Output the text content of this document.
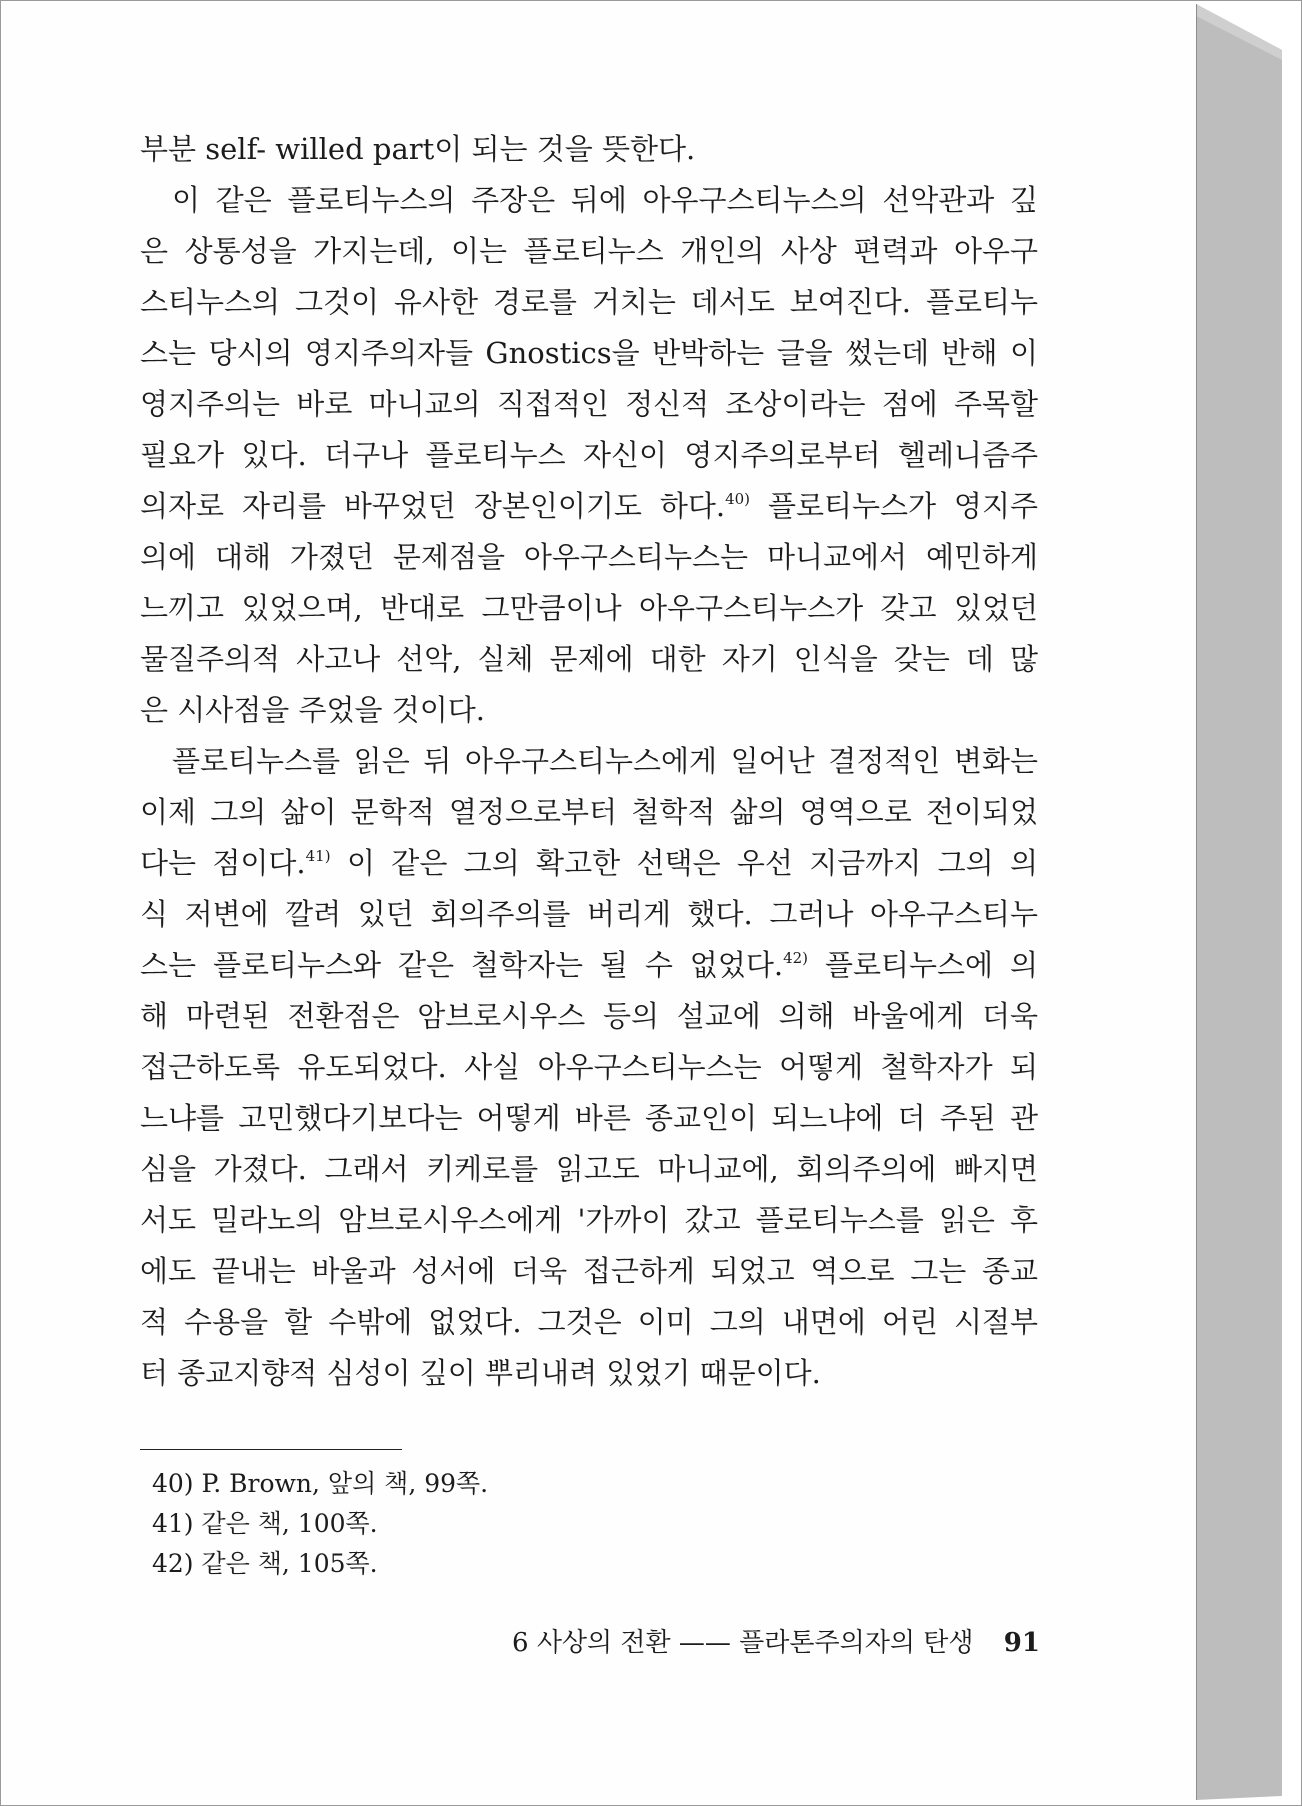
부분 self- willed part이 되는 것을 뜻한다.

이 같은 플로티누스의 주장은 뒤에 아우구스티누스의 선악관과 깊

은 상통성을 가지는데, 이는 플로티누스 개인의 사상 편력과 아우구

스티누스의 그것이 유사한 경로를 거치는 데서도 보여진다. 플로티누

스는 당시의 영지주의자들 Gnostics을 반박하는 글을 썼는데 반해 이

영지주의는 바로 마니교의 직접적인 정신적 조상이라는 점에 주목할

필요가 있다. 더구나 플로티누스 자신이 영지주의로부터 헬레니즘주

의자로 자리를 바꾸었던 장본인이기도 하다.$^{40)}$ 플로티누스가 영지주

의에 대해 가졌던 문제점을 아우구스티누스는 마니교에서 예민하게

느끼고 있었으며, 반대로 그만큼이나 아우구스티누스가 갖고 있었던

물질주의적 사고나 선악, 실체 문제에 대한 자기 인식을 갖는 데 많

은 시사점을 주었을 것이다.

플로티누스를 읽은 뒤 아우구스티누스에게 일어난 결정적인 변화는

이제 그의 삶이 문학적 열정으로부터 철학적 삶의 영역으로 전이되었

다는 점이다.$^{41)}$ 이 같은 그의 확고한 선택은 우선 지금까지 그의 의

식 저변에 깔려 있던 회의주의를 버리게 했다. 그러나 아우구스티누

스는 플로티누스와 같은 철학자는 될 수 없었다.$^{42)}$ 플로티누스에 의

해 마련된 전환점은 암브로시우스 등의 설교에 의해 바울에게 더욱

접근하도록 유도되었다. 사실 아우구스티누스는 어떻게 철학자가 되

느냐를 고민했다기보다는 어떻게 바른 종교인이 되느냐에 더 주된 관

심을 가졌다. 그래서 키케로를 읽고도 마니교에, 회의주의에 빠지면

서도 밀라노의 암브로시우스에게 '가까이 갔고 플로티누스를 읽은 후

에도 끝내는 바울과 성서에 더욱 접근하게 되었고 역으로 그는 종교

적 수용을 할 수밖에 없었다. 그것은 이미 그의 내면에 어린 시절부

터 종교지향적 심성이 깊이 뿌리내려 있었기 때문이다.

40) P. Brown, 앞의 책, 99쪽.
41) 같은 책, 100쪽.
42) 같은 책, 105쪽.
6 사상의 전환 —— 플라톤주의자의 탄생 91
